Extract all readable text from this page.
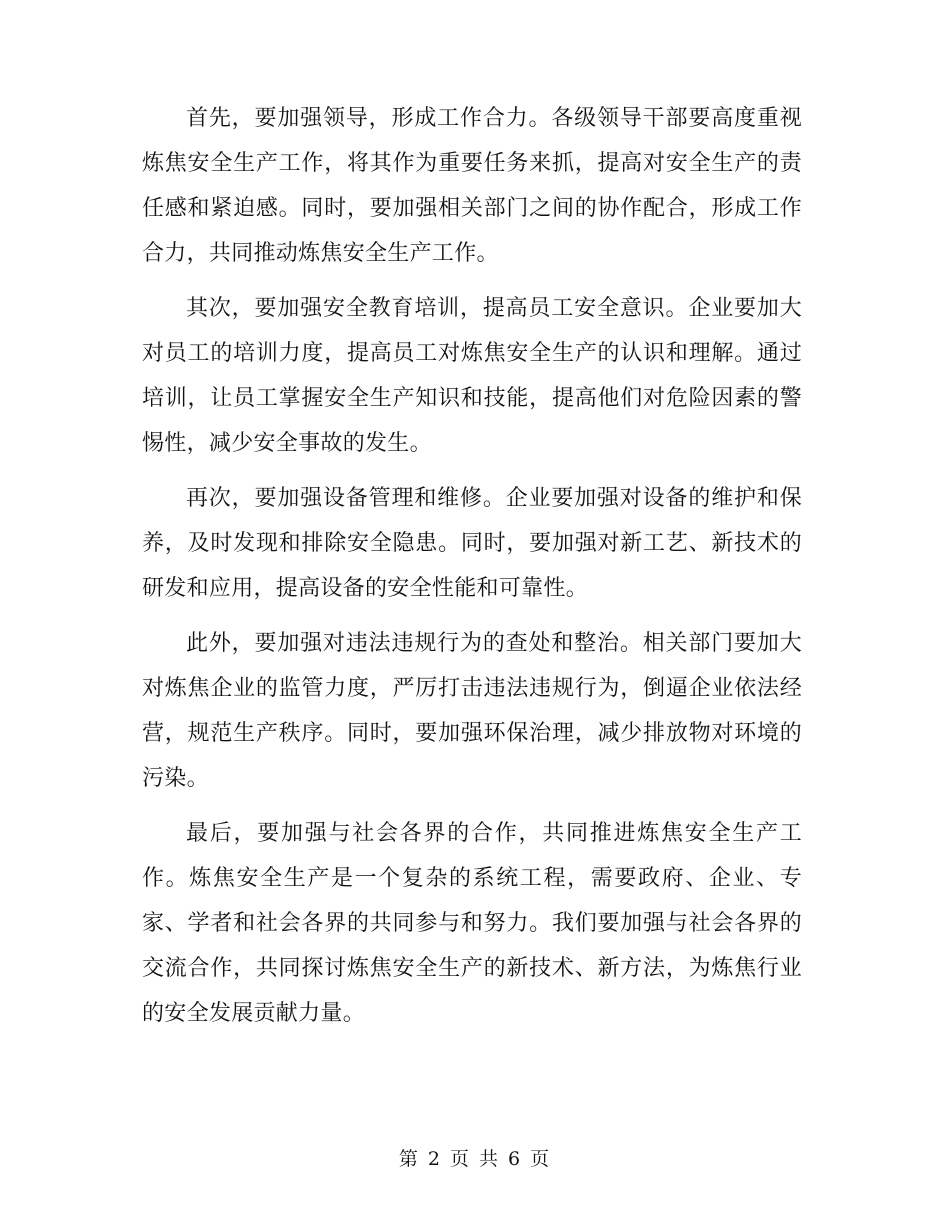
首先，要加强领导，形成工作合力。各级领导干部要高度重视炼焦安全生产工作，将其作为重要任务来抓，提高对安全生产的责任感和紧迫感。同时，要加强相关部门之间的协作配合，形成工作合力，共同推动炼焦安全生产工作。

其次，要加强安全教育培训，提高员工安全意识。企业要加大对员工的培训力度，提高员工对炼焦安全生产的认识和理解。通过培训，让员工掌握安全生产知识和技能，提高他们对危险因素的警惕性，减少安全事故的发生。

再次，要加强设备管理和维修。企业要加强对设备的维护和保养，及时发现和排除安全隐患。同时，要加强对新工艺、新技术的研发和应用，提高设备的安全性能和可靠性。

此外，要加强对违法违规行为的查处和整治。相关部门要加大对炼焦企业的监管力度，严厉打击违法违规行为，倒逼企业依法经营，规范生产秩序。同时，要加强环保治理，减少排放物对环境的污染。

最后，要加强与社会各界的合作，共同推进炼焦安全生产工作。炼焦安全生产是一个复杂的系统工程，需要政府、企业、专家、学者和社会各界的共同参与和努力。我们要加强与社会各界的交流合作，共同探讨炼焦安全生产的新技术、新方法，为炼焦行业的安全发展贡献力量。

第 2 页 共 6 页
